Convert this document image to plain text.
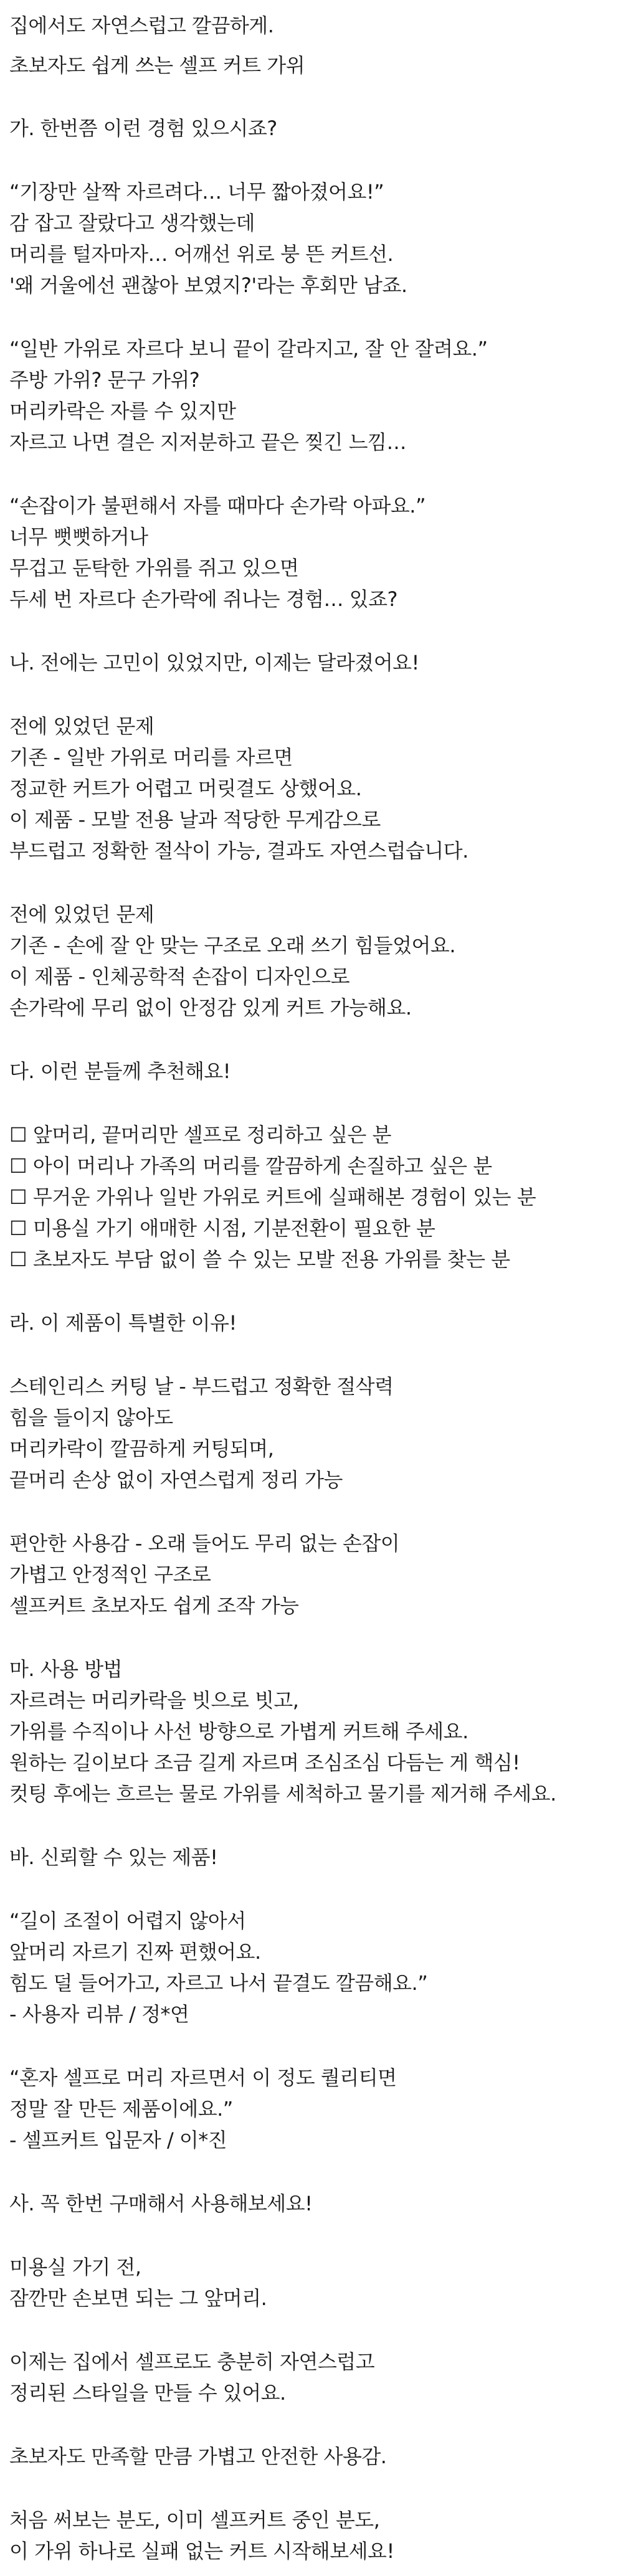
집에서도 자연스럽고 깔끔하게.
초보자도 쉽게 쓰는 셀프 커트 가위
가. 한번쯤 이런 경험 있으시죠?
“기장만 살짝 자르려다… 너무 짧아졌어요!”
감 잡고 잘랐다고 생각했는데
머리를 털자마자… 어깨선 위로 붕 뜬 커트선.
'왜 거울에선 괜찮아 보였지?'라는 후회만 남죠.
“일반 가위로 자르다 보니 끝이 갈라지고, 잘 안 잘려요.”
주방 가위? 문구 가위?
머리카락은 자를 수 있지만
자르고 나면 결은 지저분하고 끝은 찢긴 느낌…
“손잡이가 불편해서 자를 때마다 손가락 아파요.”
너무 뻣뻣하거나
무겁고 둔탁한 가위를 쥐고 있으면
두세 번 자르다 손가락에 쥐나는 경험… 있죠?
나. 전에는 고민이 있었지만, 이제는 달라졌어요!
전에 있었던 문제
기존 - 일반 가위로 머리를 자르면
정교한 커트가 어렵고 머릿결도 상했어요.
이 제품 - 모발 전용 날과 적당한 무게감으로
부드럽고 정확한 절삭이 가능, 결과도 자연스럽습니다.
전에 있었던 문제
기존 - 손에 잘 안 맞는 구조로 오래 쓰기 힘들었어요.
이 제품 - 인체공학적 손잡이 디자인으로
손가락에 무리 없이 안정감 있게 커트 가능해요.
다. 이런 분들께 추천해요!
☐ 앞머리, 끝머리만 셀프로 정리하고 싶은 분
☐ 아이 머리나 가족의 머리를 깔끔하게 손질하고 싶은 분
☐ 무거운 가위나 일반 가위로 커트에 실패해본 경험이 있는 분
☐ 미용실 가기 애매한 시점, 기분전환이 필요한 분
☐ 초보자도 부담 없이 쓸 수 있는 모발 전용 가위를 찾는 분
라. 이 제품이 특별한 이유!
스테인리스 커팅 날 - 부드럽고 정확한 절삭력
힘을 들이지 않아도
머리카락이 깔끔하게 커팅되며,
끝머리 손상 없이 자연스럽게 정리 가능
편안한 사용감 - 오래 들어도 무리 없는 손잡이
가볍고 안정적인 구조로
셀프커트 초보자도 쉽게 조작 가능
마. 사용 방법
자르려는 머리카락을 빗으로 빗고,
가위를 수직이나 사선 방향으로 가볍게 커트해 주세요.
원하는 길이보다 조금 길게 자르며 조심조심 다듬는 게 핵심!
컷팅 후에는 흐르는 물로 가위를 세척하고 물기를 제거해 주세요.
바. 신뢰할 수 있는 제품!
“길이 조절이 어렵지 않아서
앞머리 자르기 진짜 편했어요.
힘도 덜 들어가고, 자르고 나서 끝결도 깔끔해요.”
- 사용자 리뷰 / 정*연
“혼자 셀프로 머리 자르면서 이 정도 퀄리티면
정말 잘 만든 제품이에요.”
- 셀프커트 입문자 / 이*진
사. 꼭 한번 구매해서 사용해보세요!
미용실 가기 전,
잠깐만 손보면 되는 그 앞머리.
이제는 집에서 셀프로도 충분히 자연스럽고
정리된 스타일을 만들 수 있어요.
초보자도 만족할 만큼 가볍고 안전한 사용감.
처음 써보는 분도, 이미 셀프커트 중인 분도,
이 가위 하나로 실패 없는 커트 시작해보세요!
